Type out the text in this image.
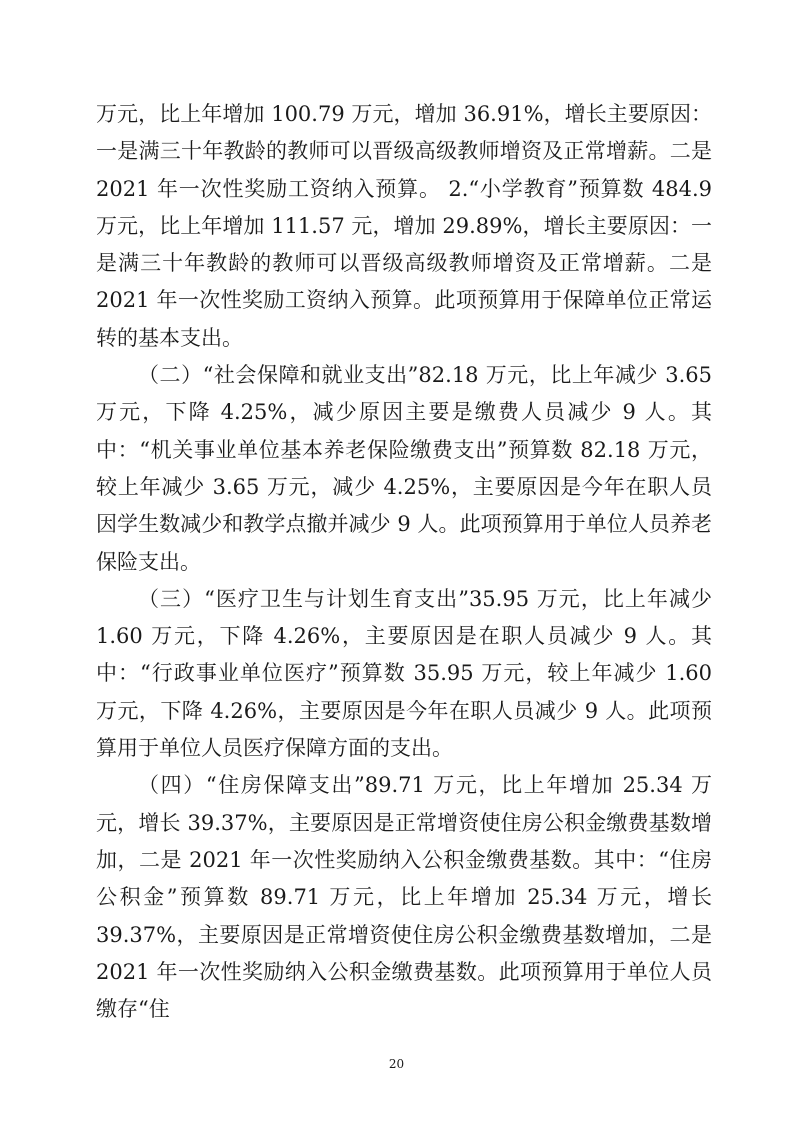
万元，比上年增加 100.79 万元，增加 36.91%，增长主要原因：一是满三十年教龄的教师可以晋级高级教师增资及正常增薪。二是 2021 年一次性奖励工资纳入预算。 2.“小学教育”预算数 484.9 万元，比上年增加 111.57 元，增加 29.89%，增长主要原因：一是满三十年教龄的教师可以晋级高级教师增资及正常增薪。二是 2021 年一次性奖励工资纳入预算。此项预算用于保障单位正常运转的基本支出。

（二）“社会保障和就业支出”82.18 万元，比上年减少 3.65 万元，下降 4.25%，减少原因主要是缴费人员减少 9 人。其中：“机关事业单位基本养老保险缴费支出”预算数 82.18 万元，较上年减少 3.65 万元，减少 4.25%，主要原因是今年在职人员因学生数减少和教学点撤并减少 9 人。此项预算用于单位人员养老保险支出。

（三）“医疗卫生与计划生育支出”35.95 万元，比上年减少 1.60 万元，下降 4.26%，主要原因是在职人员减少 9 人。其中：“行政事业单位医疗”预算数 35.95 万元，较上年减少 1.60 万元，下降 4.26%，主要原因是今年在职人员减少 9 人。此项预算用于单位人员医疗保障方面的支出。

（四）“住房保障支出”89.71 万元，比上年增加 25.34 万元，增长 39.37%，主要原因是正常增资使住房公积金缴费基数增加，二是 2021 年一次性奖励纳入公积金缴费基数。其中：“住房公积金”预算数 89.71 万元，比上年增加 25.34 万元，增长 39.37%，主要原因是正常增资使住房公积金缴费基数增加，二是 2021 年一次性奖励纳入公积金缴费基数。此项预算用于单位人员缴存“住

20
